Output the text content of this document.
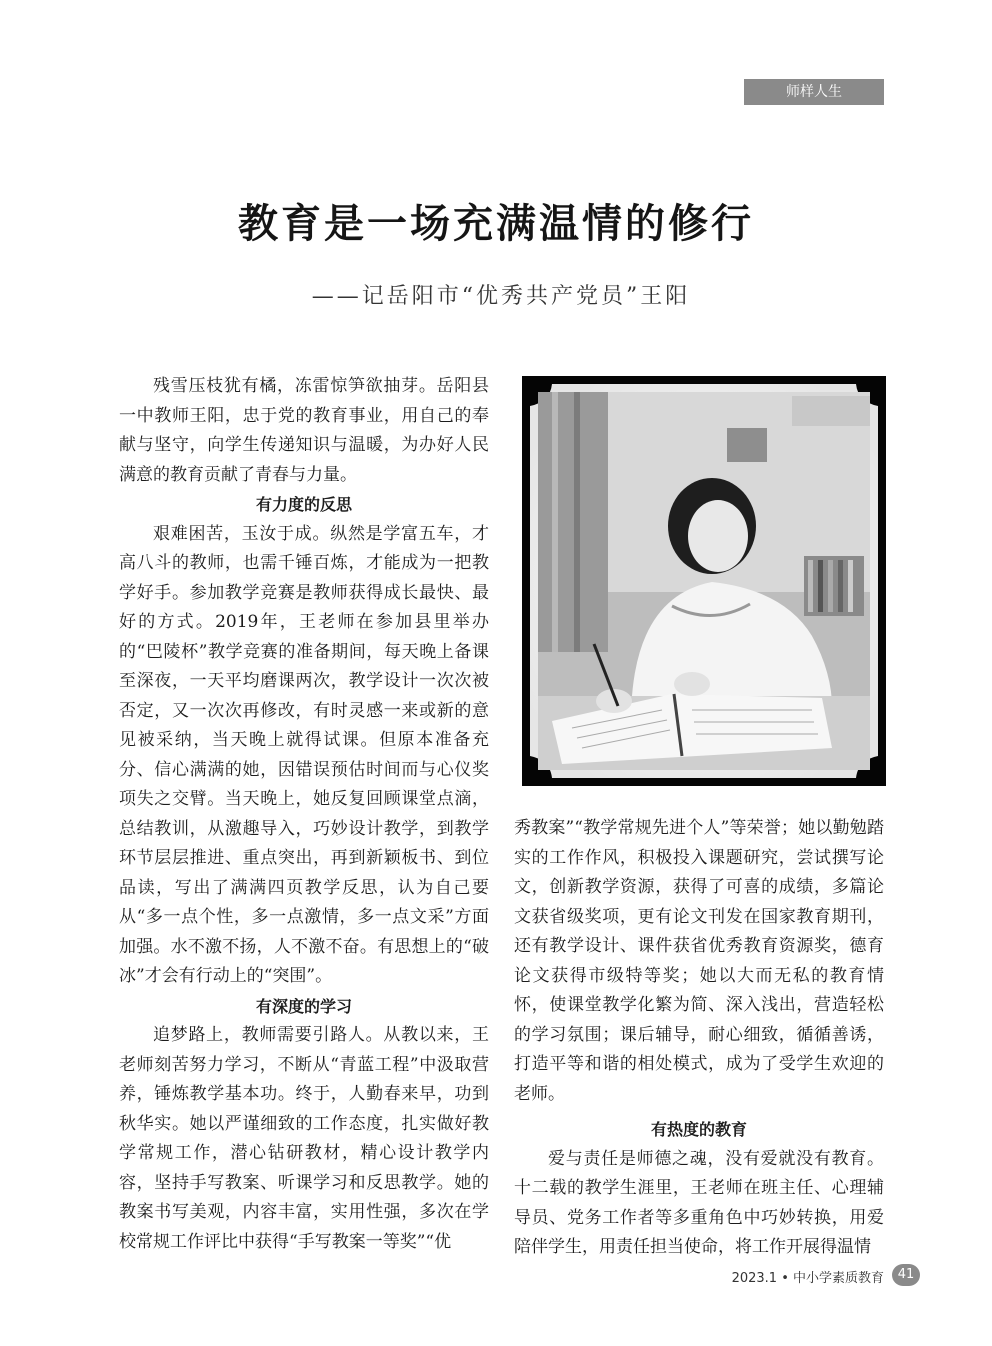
师样人生
教育是一场充满温情的修行
——记岳阳市“优秀共产党员”王阳

残雪压枝犹有橘，冻雷惊笋欲抽芽。岳阳县一中教师王阳，忠于党的教育事业，用自己的奉献与坚守，向学生传递知识与温暖，为办好人民满意的教育贡献了青春与力量。

有力度的反思

艰难困苦，玉汝于成。纵然是学富五车，才高八斗的教师，也需千锤百炼，才能成为一把教学好手。参加教学竞赛是教师获得成长最快、最好的方式。2019年，王老师在参加县里举办的“巴陵杯”教学竞赛的准备期间，每天晚上备课至深夜，一天平均磨课两次，教学设计一次次被否定，又一次次再修改，有时灵感一来或新的意见被采纳，当天晚上就得试课。但原本准备充分、信心满满的她，因错误预估时间而与心仪奖项失之交臂。当天晚上，她反复回顾课堂点滴，总结教训，从激趣导入，巧妙设计教学，到教学环节层层推进、重点突出，再到新颖板书、到位品读，写出了满满四页教学反思，认为自己要从“多一点个性，多一点激情，多一点文采”方面加强。水不激不扬，人不激不奋。有思想上的“破冰”才会有行动上的“突围”。

有深度的学习

追梦路上，教师需要引路人。从教以来，王老师刻苦努力学习，不断从“青蓝工程”中汲取营养，锤炼教学基本功。终于，人勤春来早，功到秋华实。她以严谨细致的工作态度，扎实做好教学常规工作，潜心钻研教材，精心设计教学内容，坚持手写教案、听课学习和反思教学。她的教案书写美观，内容丰富，实用性强，多次在学校常规工作评比中获得“手写教案一等奖”“优

秀教案”“教学常规先进个人”等荣誉；她以勤勉踏实的工作作风，积极投入课题研究，尝试撰写论文，创新教学资源，获得了可喜的成绩，多篇论文获省级奖项，更有论文刊发在国家教育期刊，还有教学设计、课件获省优秀教育资源奖，德育论文获得市级特等奖；她以大而无私的教育情怀，使课堂教学化繁为简、深入浅出，营造轻松的学习氛围；课后辅导，耐心细致，循循善诱，打造平等和谐的相处模式，成为了受学生欢迎的老师。

有热度的教育

爱与责任是师德之魂，没有爱就没有教育。十二载的教学生涯里，王老师在班主任、心理辅导员、党务工作者等多重角色中巧妙转换，用爱陪伴学生，用责任担当使命，将工作开展得温情

2023.1 • 中小学素质教育	41
